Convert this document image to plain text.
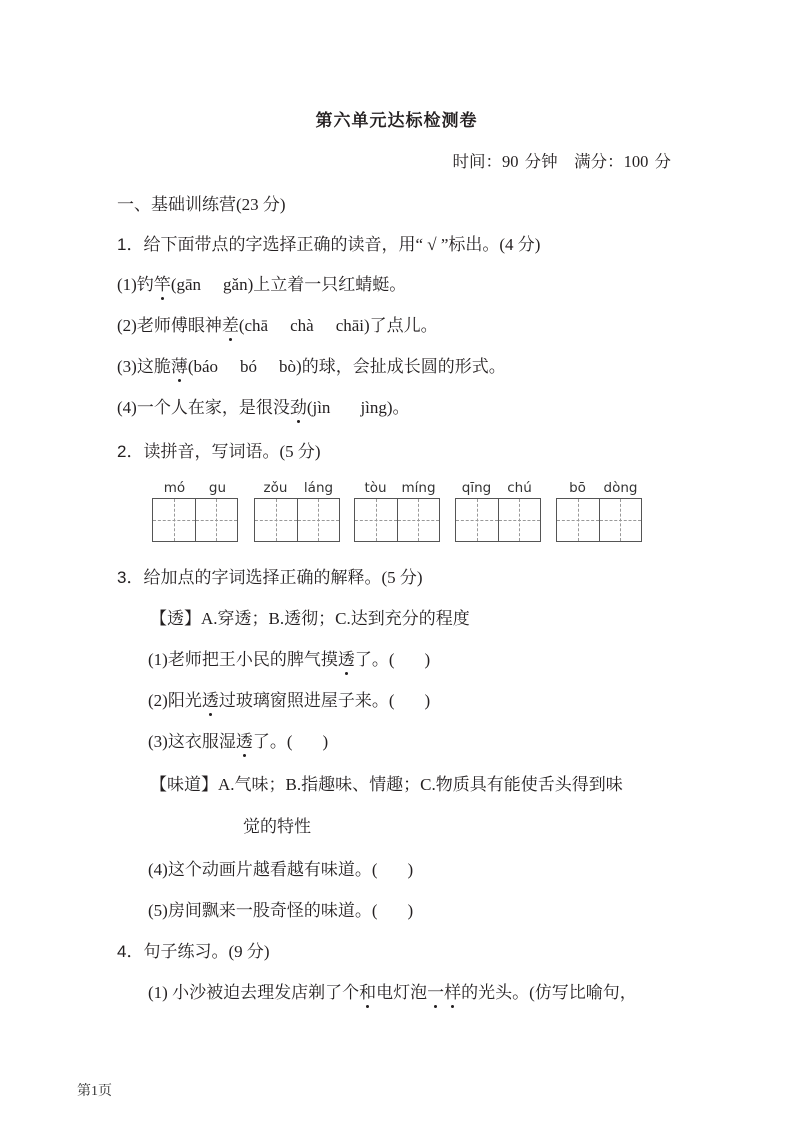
第六单元达标检测卷
时间：90 分钟　满分：100 分
一、基础训练营(23 分)
1．给下面带点的字选择正确的读音，用“ √ ”标出。(4 分)
(1)钓竿(gān gǎn)上立着一只红蜻蜓。
(2)老师傅眼神差(chā chà chāi)了点儿。
(3)这脆薄(báo bó bò)的球，会扯成长圆的形式。
(4)一个人在家，是很没劲(jìn jìng)。
2．读拼音，写词语。(5 分)
mó	gu	zǒu	láng	tòu	míng	qīng	chú	bō	dòng
3．给加点的字词选择正确的解释。(5 分)
【透】A.穿透；B.透彻；C.达到充分的程度
(1)老师把王小民的脾气摸透了。( )
(2)阳光透过玻璃窗照进屋子来。( )
(3)这衣服湿透了。( )
【味道】A.气味；B.指趣味、情趣；C.物质具有能使舌头得到味
觉的特性
(4)这个动画片越看越有味道。( )
(5)房间飘来一股奇怪的味道。( )
4．句子练习。(9 分)
(1) 小沙被迫去理发店剃了个和电灯泡一样的光头。(仿写比喻句，
第1页
